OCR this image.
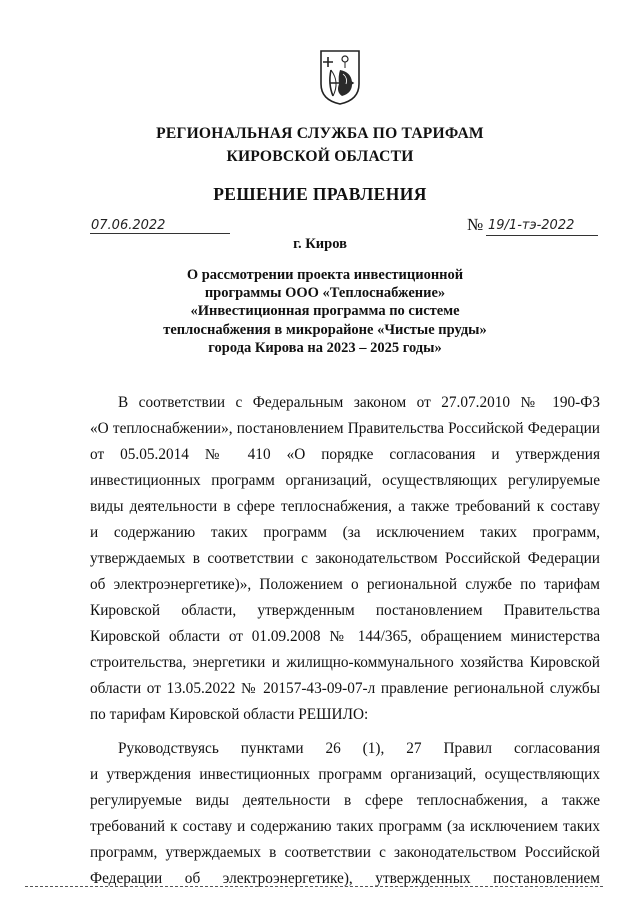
РЕГИОНАЛЬНАЯ СЛУЖБА ПО ТАРИФАМ
КИРОВСКОЙ ОБЛАСТИ
РЕШЕНИЕ ПРАВЛЕНИЯ
07.06.2022	№ 19/1-тэ-2022
г. Киров
О рассмотрении проекта инвестиционной
программы ООО «Теплоснабжение»
«Инвестиционная программа по системе
теплоснабжения в микрорайоне «Чистые пруды»
города Кирова на 2023 – 2025 годы»
В соответствии с Федеральным законом от 27.07.2010 № 190-ФЗ
«О теплоснабжении», постановлением Правительства Российской Федерации
от 05.05.2014 № 410 «О порядке согласования и утверждения
инвестиционных программ организаций, осуществляющих регулируемые
виды деятельности в сфере теплоснабжения, а также требований к составу
и содержанию таких программ (за исключением таких программ,
утверждаемых в соответствии с законодательством Российской Федерации
об электроэнергетике)», Положением о региональной службе по тарифам
Кировской области, утвержденным постановлением Правительства
Кировской области от 01.09.2008 № 144/365, обращением министерства
строительства, энергетики и жилищно-коммунального хозяйства Кировской
области от 13.05.2022 № 20157-43-09-07-л правление региональной службы
по тарифам Кировской области РЕШИЛО:
Руководствуясь пунктами 26 (1), 27 Правил согласования
и утверждения инвестиционных программ организаций, осуществляющих
регулируемые виды деятельности в сфере теплоснабжения, а также
требований к составу и содержанию таких программ (за исключением таких
программ, утверждаемых в соответствии с законодательством Российской
Федерации об электроэнергетике), утвержденных постановлением
